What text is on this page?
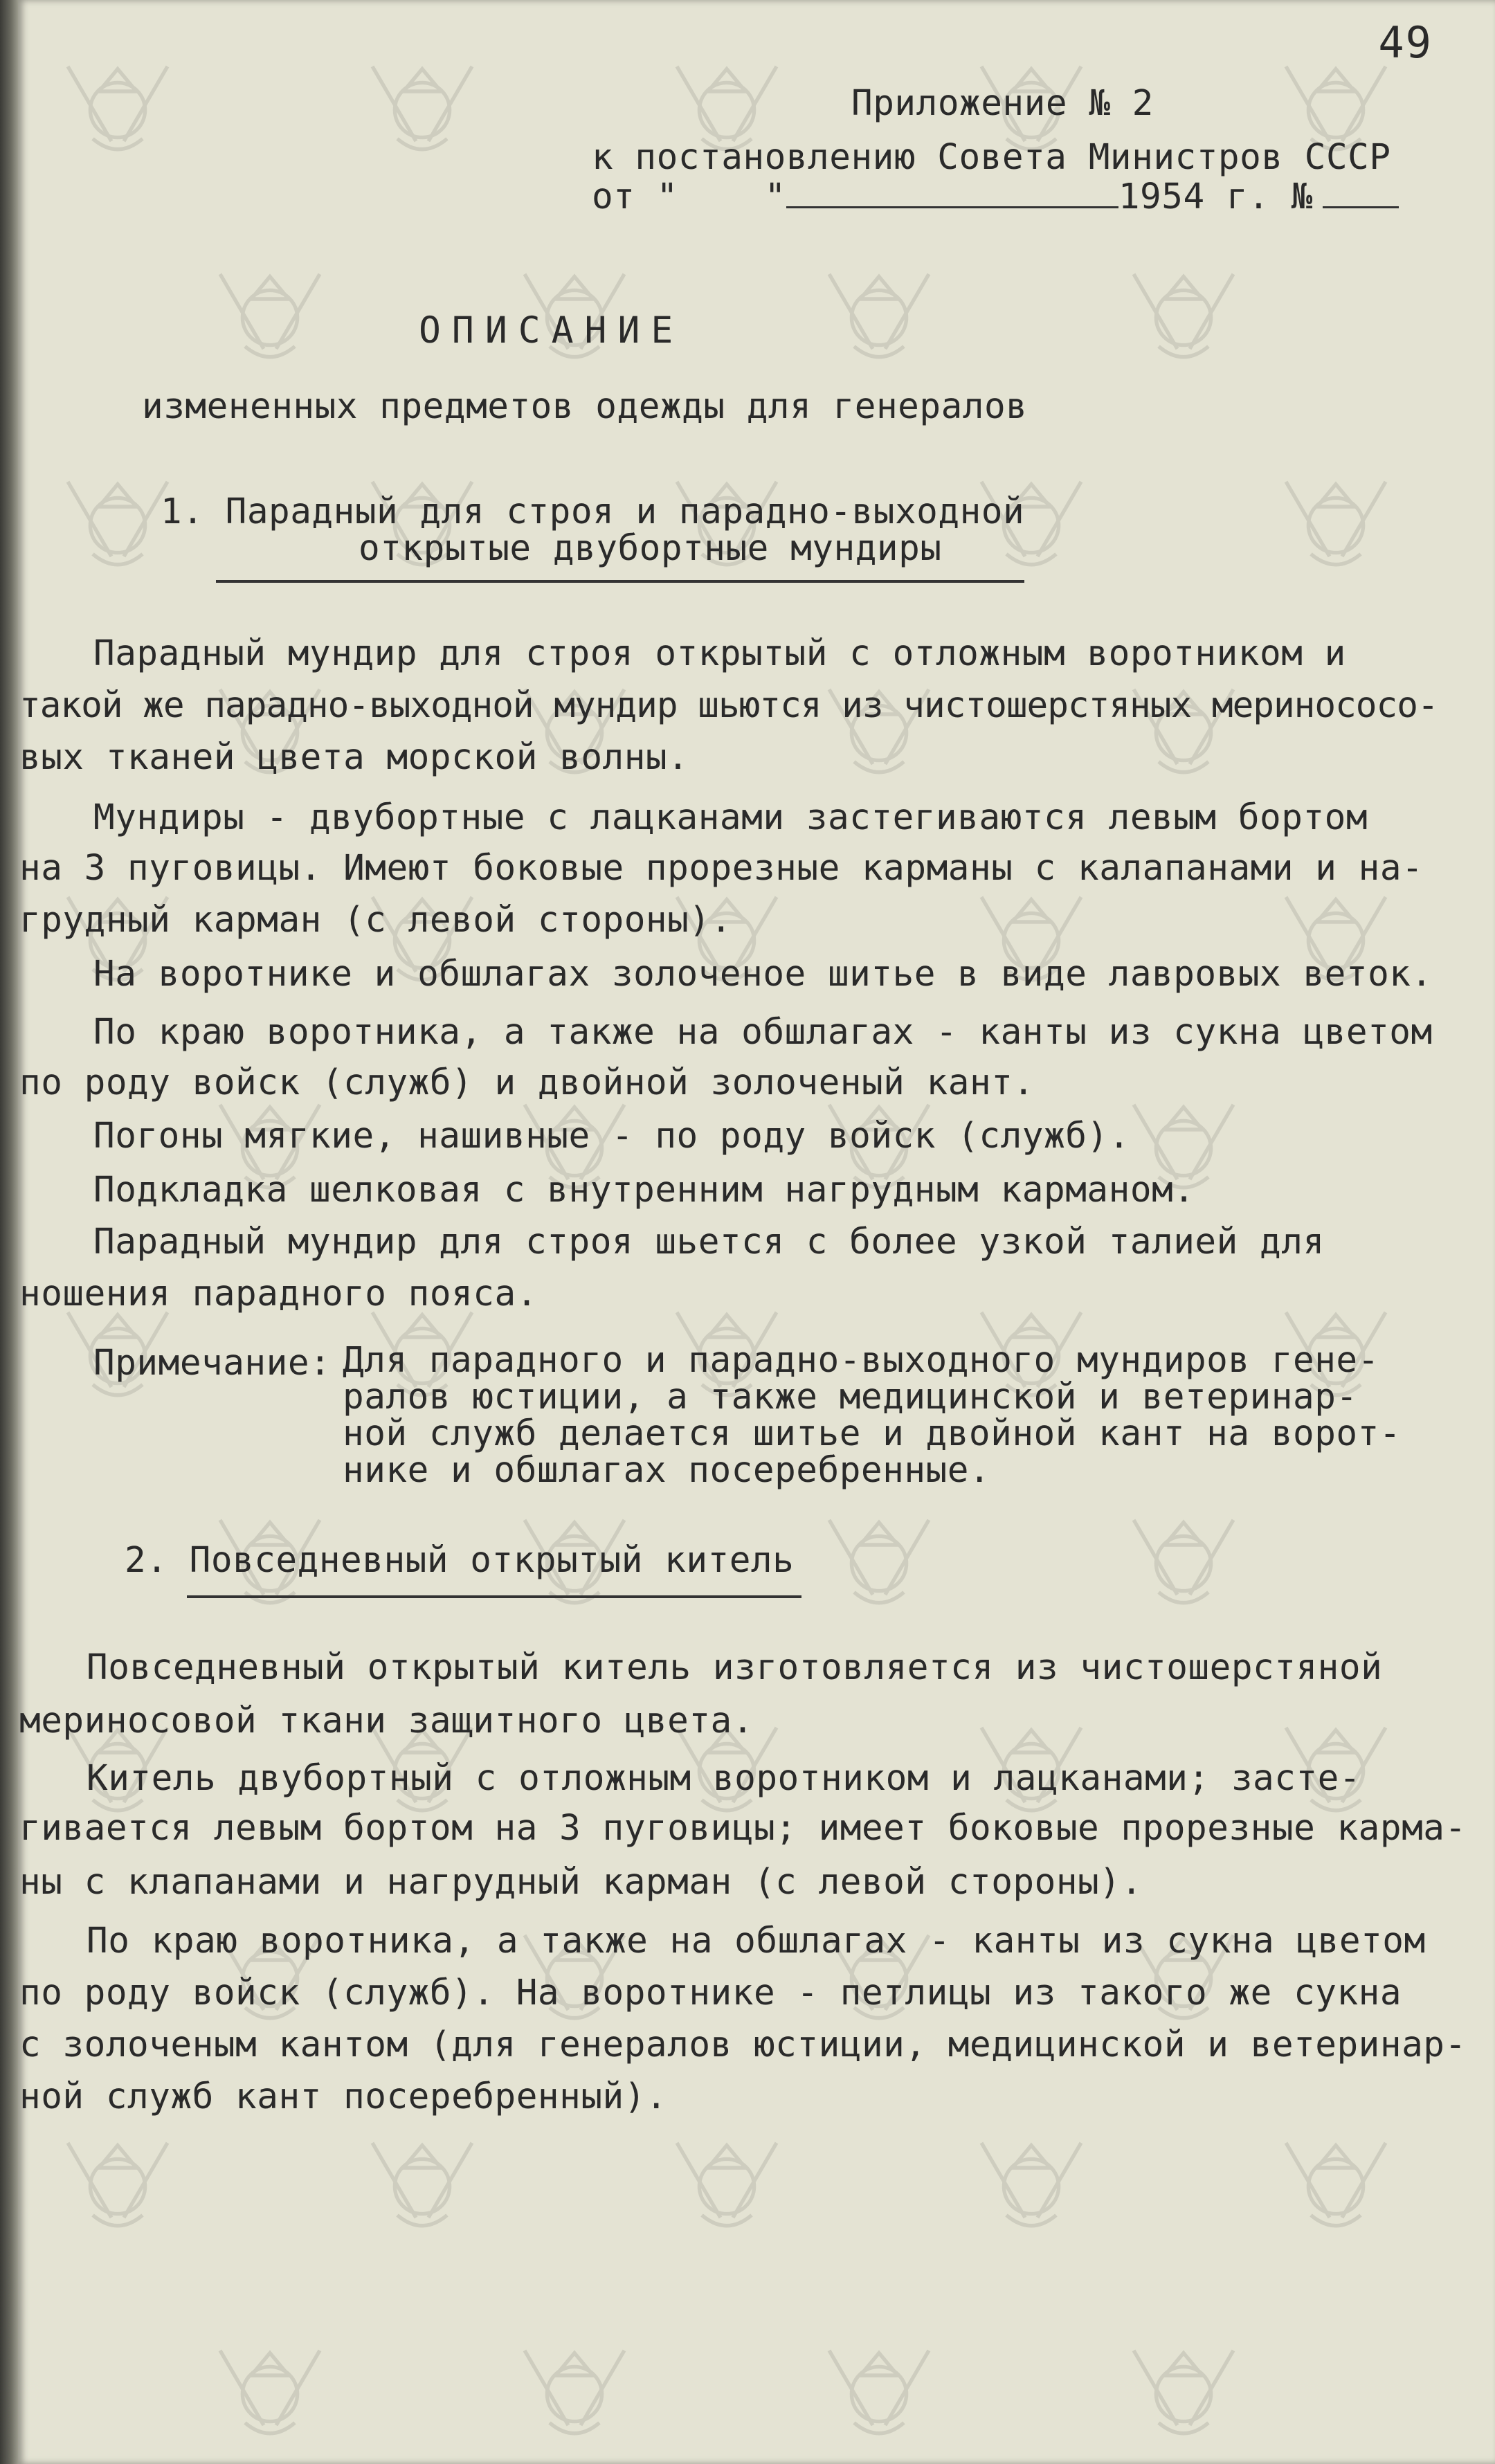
49
Приложение № 2
к постановлению Совета Министров СССР
от "    "	1954 г. №
ОПИСАНИЕ
измененных предметов одежды для генералов
1. Парадный для строя и парадно-выходной
открытые двубортные мундиры
Парадный мундир для строя открытый с отложным воротником и
такой же парадно-выходной мундир шьются из чистошерстяных меринососо-
вых тканей цвета морской волны.
Мундиры - двубортные с лацканами застегиваются левым бортом
на 3 пуговицы. Имеют боковые прорезные карманы с калапанами и на-
грудный карман (с левой стороны).
На воротнике и обшлагах золоченое шитье в виде лавровых веток.
По краю воротника, а также на обшлагах - канты из сукна цветом
по роду войск (служб) и двойной золоченый кант.
Погоны мягкие, нашивные - по роду войск (служб).
Подкладка шелковая с внутренним нагрудным карманом.
Парадный мундир для строя шьется с более узкой талией для
ношения парадного пояса.
Примечание: Для парадного и парадно-выходного мундиров гене-
ралов юстиции, а также медицинской и ветеринар-
ной служб делается шитье и двойной кант на ворот-
нике и обшлагах посеребренные.
2. Повседневный открытый китель
Повседневный открытый китель изготовляется из чистошерстяной
мериносовой ткани защитного цвета.
Китель двубортный с отложным воротником и лацканами; засте-
гивается левым бортом на 3 пуговицы; имеет боковые прорезные карма-
ны с клапанами и нагрудный карман (с левой стороны).
По краю воротника, а также на обшлагах - канты из сукна цветом
по роду войск (служб). На воротнике - петлицы из такого же сукна
с золоченым кантом (для генералов юстиции, медицинской и ветеринар-
ной служб кант посеребренный).
